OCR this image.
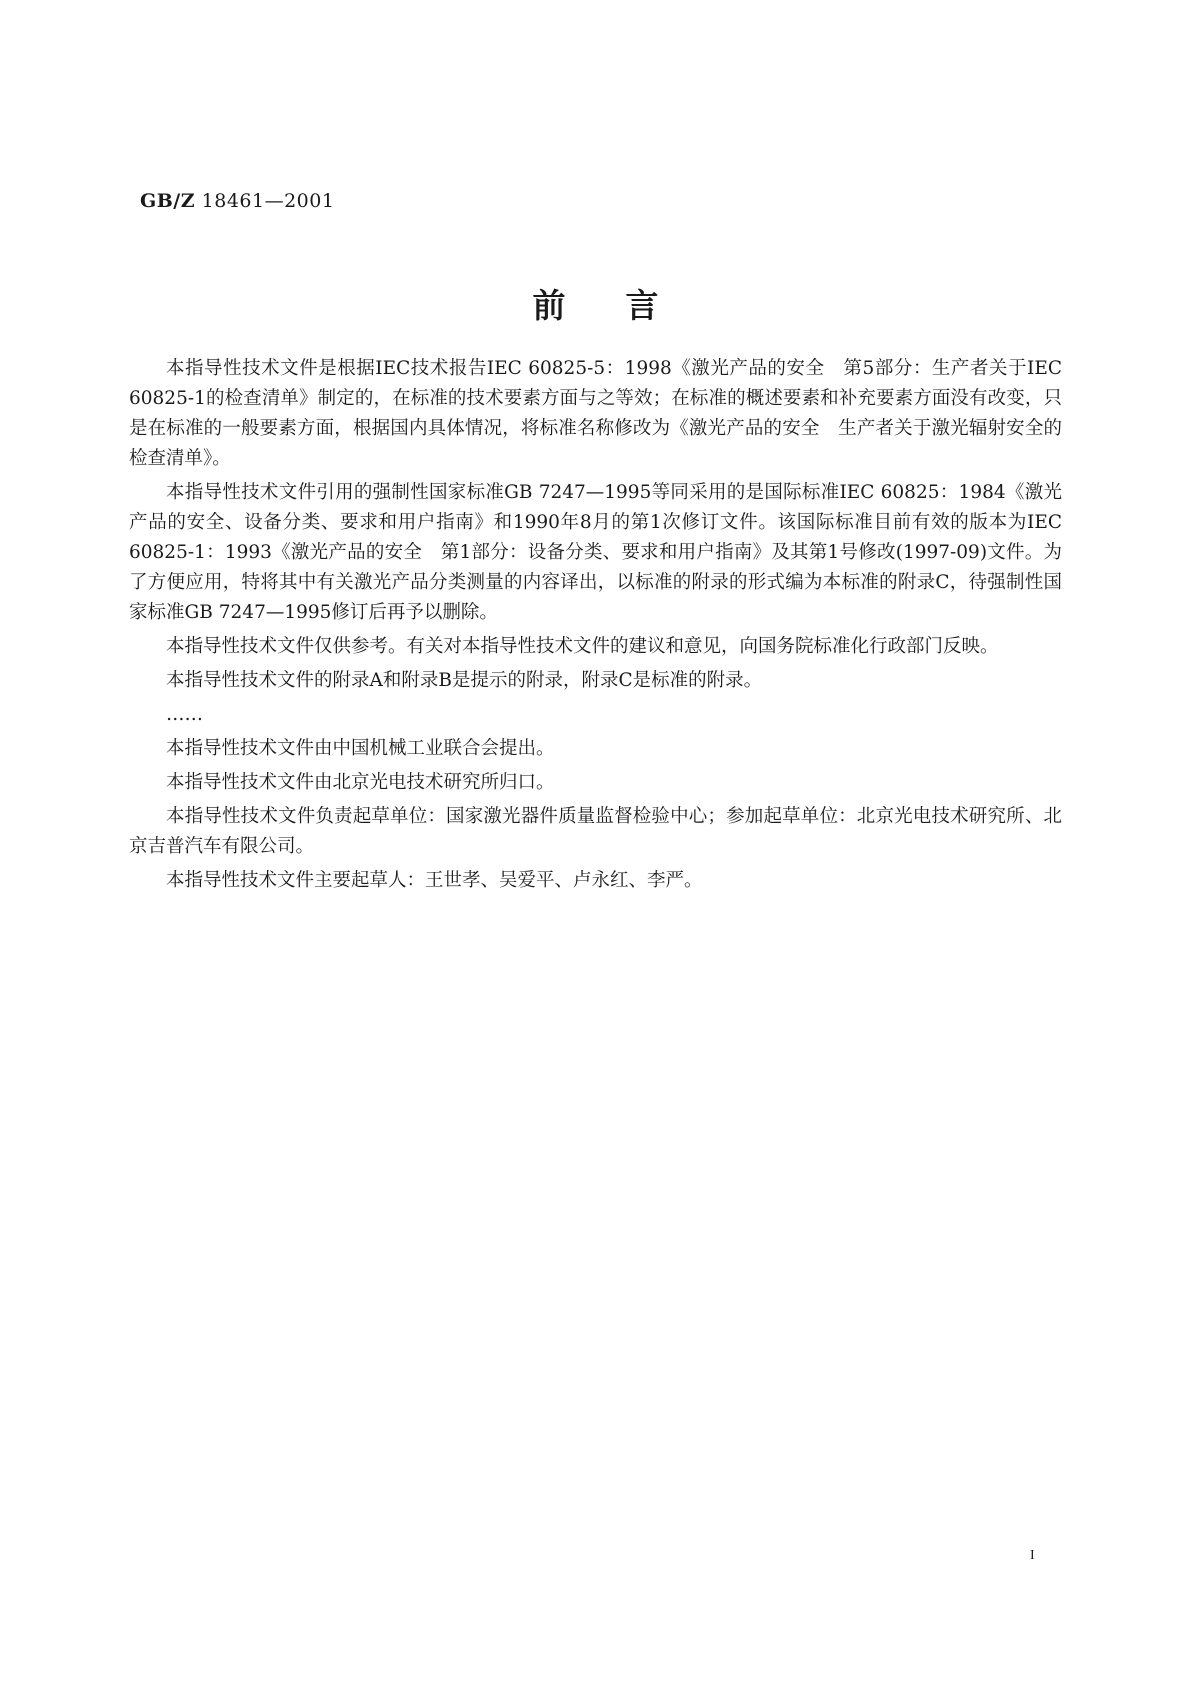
GB/Z 18461—2001
前言

本指导性技术文件是根据IEC技术报告IEC 60825-5：1998《激光产品的安全　第5部分：生产者关于IEC 60825-1的检查清单》制定的，在标准的技术要素方面与之等效；在标准的概述要素和补充要素方面没有改变，只是在标准的一般要素方面，根据国内具体情况，将标准名称修改为《激光产品的安全　生产者关于激光辐射安全的检查清单》。

本指导性技术文件引用的强制性国家标准GB 7247—1995等同采用的是国际标准IEC 60825：1984《激光产品的安全、设备分类、要求和用户指南》和1990年8月的第1次修订文件。该国际标准目前有效的版本为IEC 60825-1：1993《激光产品的安全　第1部分：设备分类、要求和用户指南》及其第1号修改(1997-09)文件。为了方便应用，特将其中有关激光产品分类测量的内容译出，以标准的附录的形式编为本标准的附录C，待强制性国家标准GB 7247—1995修订后再予以删除。

本指导性技术文件仅供参考。有关对本指导性技术文件的建议和意见，向国务院标准化行政部门反映。

本指导性技术文件的附录A和附录B是提示的附录，附录C是标准的附录。

……

本指导性技术文件由中国机械工业联合会提出。

本指导性技术文件由北京光电技术研究所归口。

本指导性技术文件负责起草单位：国家激光器件质量监督检验中心；参加起草单位：北京光电技术研究所、北京吉普汽车有限公司。

本指导性技术文件主要起草人：王世孝、吴爱平、卢永红、李严。

I
